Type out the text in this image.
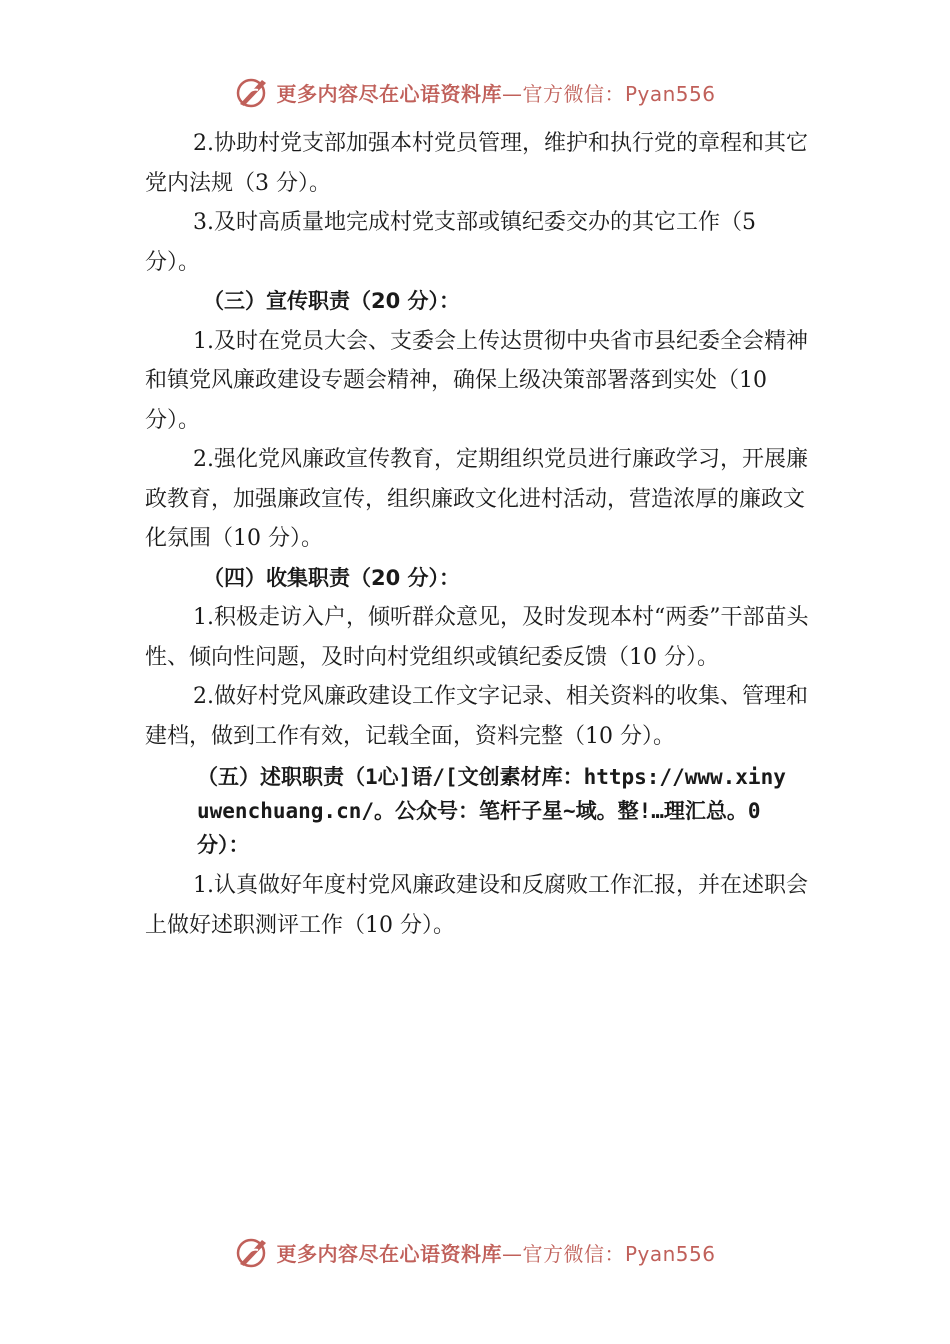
更多内容尽在心语资料库—官方微信：Pyan556

2.协助村党支部加强本村党员管理，维护和执行党的章程和其它党内法规（3 分）。

3.及时高质量地完成村党支部或镇纪委交办的其它工作（5 分）。

（三）宣传职责（20 分）：

1.及时在党员大会、支委会上传达贯彻中央省市县纪委全会精神和镇党风廉政建设专题会精神，确保上级决策部署落到实处（10 分）。

2.强化党风廉政宣传教育，定期组织党员进行廉政学习，开展廉政教育，加强廉政宣传，组织廉政文化进村活动，营造浓厚的廉政文化氛围（10 分）。

（四）收集职责（20 分）：

1.积极走访入户，倾听群众意见，及时发现本村“两委”干部苗头性、倾向性问题，及时向村党组织或镇纪委反馈（10 分）。

2.做好村党风廉政建设工作文字记录、相关资料的收集、管理和建档，做到工作有效，记载全面，资料完整（10 分）。

（五）述职职责（1心]语/[文创素材库：https://www.xinyuwenchuang.cn/。公众号：笔杆子星~域。整!…理汇总。0 分）：

1.认真做好年度村党风廉政建设和反腐败工作汇报，并在述职会上做好述职测评工作（10 分）。

更多内容尽在心语资料库—官方微信：Pyan556
